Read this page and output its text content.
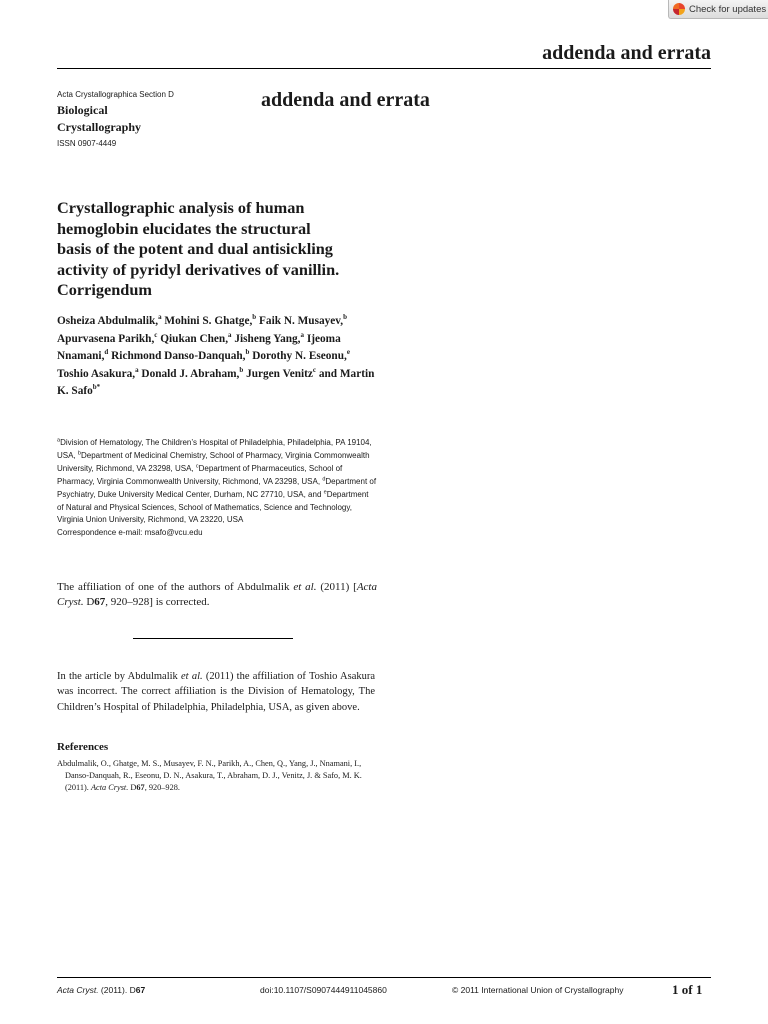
Check for updates
addenda and errata
Acta Crystallographica Section D
Biological
Crystallography
ISSN 0907-4449
addenda and errata
Crystallographic analysis of human
hemoglobin elucidates the structural
basis of the potent and dual antisickling
activity of pyridyl derivatives of vanillin.
Corrigendum
Osheiza Abdulmalik,$^a$ Mohini S. Ghatge,$^b$ Faik N. Musayev,$^b$ Apurvasena Parikh,$^c$ Qiukan Chen,$^a$ Jisheng Yang,$^a$ Ijeoma Nnamani,$^d$ Richmond Danso-Danquah,$^b$ Dorothy N. Eseonu,$^e$ Toshio Asakura,$^a$ Donald J. Abraham,$^b$ Jurgen Venitz$^c$ and Martin K. Safo$^{b*}$
$^a$Division of Hematology, The Children’s Hospital of Philadelphia, Philadelphia, PA 19104, USA, $^b$Department of Medicinal Chemistry, School of Pharmacy, Virginia Commonwealth University, Richmond, VA 23298, USA, $^c$Department of Pharmaceutics, School of Pharmacy, Virginia Commonwealth University, Richmond, VA 23298, USA, $^d$Department of Psychiatry, Duke University Medical Center, Durham, NC 27710, USA, and $^e$Department of Natural and Physical Sciences, School of Mathematics, Science and Technology, Virginia Union University, Richmond, VA 23220, USA
Correspondence e-mail: msafo@vcu.edu
The affiliation of one of the authors of Abdulmalik et al. (2011) [Acta Cryst. D67, 920–928] is corrected.
In the article by Abdulmalik et al. (2011) the affiliation of Toshio Asakura was incorrect. The correct affiliation is the Division of Hematology, The Children’s Hospital of Philadelphia, Philadelphia, USA, as given above.
References
Abdulmalik, O., Ghatge, M. S., Musayev, F. N., Parikh, A., Chen, Q., Yang, J., Nnamani, I., Danso-Danquah, R., Eseonu, D. N., Asakura, T., Abraham, D. J., Venitz, J. & Safo, M. K. (2011). Acta Cryst. D67, 920–928.
Acta Cryst. (2011). D67	doi:10.1107/S0907444911045860	© 2011 International Union of Crystallography	1 of 1
